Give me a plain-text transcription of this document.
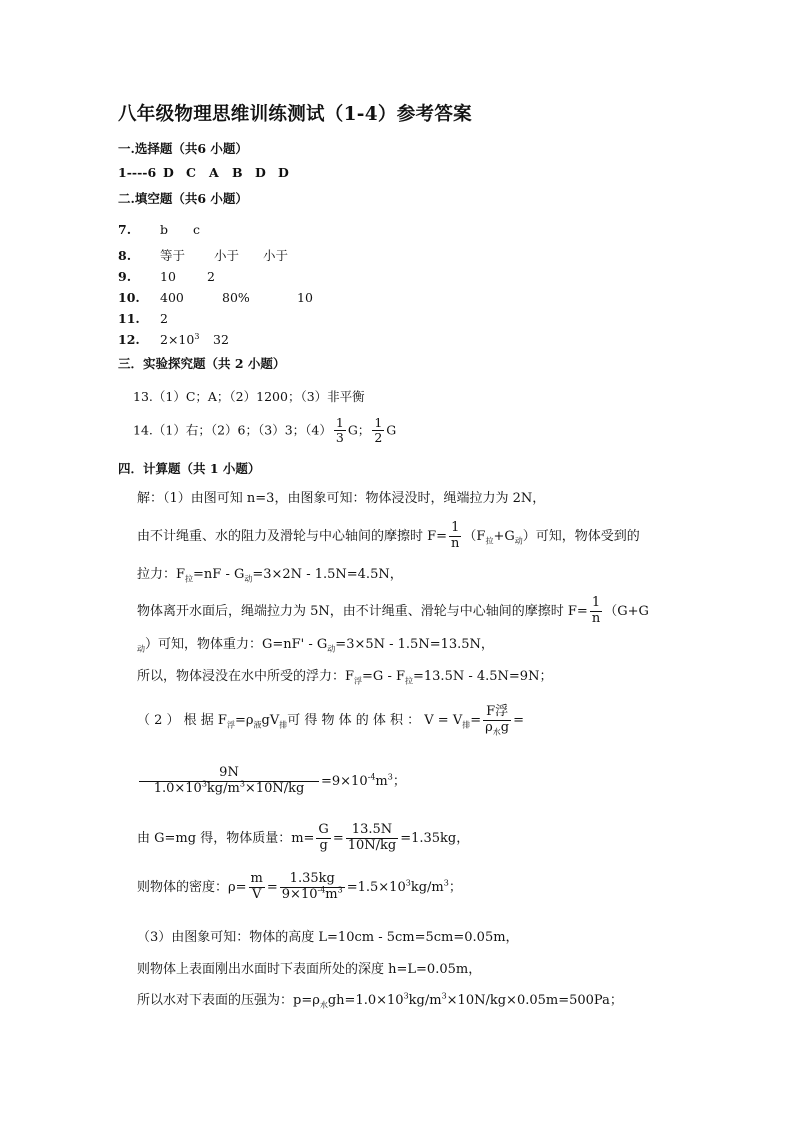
八年级物理思维训练测试（1-4）参考答案
一.选择题（共6 小题）
1----6 D C A B D D
二.填空题（共6 小题）
7. b c
8. 等于 小于 小于
9. 10 2
10. 400	80%	10
11. 2
12. $2\times 10^3$ 32
三．实验探究题（共 2 小题）
13.（1）C；A；（2）1200；（3）非平衡
14.（1）右；（2）6；（3）3；$(4) \frac{1}{3}$ G； $\frac{1}{2}$ G
四．计算题（共 1 小题）
解：（1）由图可知 n=3，由图象可知：物体浸没时，绳端拉力为 2N，
由不计绳重、水的阻力及滑轮与中心轴间的摩擦时 $F= \frac{1}{n} (F_拉+G_动)$可知，物体受到的
拉力：$F_拉=nF - G_动=3\times 2N - 1.5N=4.5N$，
物体离开水面后，绳端拉力为 5N，由不计绳重、滑轮与中心轴间的摩擦时 $F= \frac{1}{n} (G+G$
$_动$）可知，物体重力：$G=nF' - G_动=3\times 5N - 1.5N=13.5N$，
所以，物体浸没在水中所受的浮力：$F_浮=G - F_拉=13.5N - 4.5N=9N$；
（ 2 ） 根 据 $F_浮=\rho_液gV_排$可 得 物 体 的 体 积 ： $V = V_排= \frac{\text{F浮}}{\rho_水g}$ =
$\frac{9N}{1.0\times 10^3kg/m^3\times 10N/kg} =9\times 10^{-4}m^3$；
由 G=mg 得，物体质量：$m= \frac{G}{g} = \frac{13.5N}{10N/kg} =1.35kg$，
则物体的密度：$\rho= \frac{m}{V} = \frac{1.35kg}{9\times 10^{-4}m^3} =1.5\times 10^3kg/m^3$；
（3）由图象可知：物体的高度 L=10cm - 5cm=5cm=0.05m，
则物体上表面刚出水面时下表面所处的深度 h=L=0.05m，
所以水对下表面的压强为：$p=\rho_水gh=1.0\times 10^3kg/m^3\times 10N/kg\times 0.05m=500Pa$；
